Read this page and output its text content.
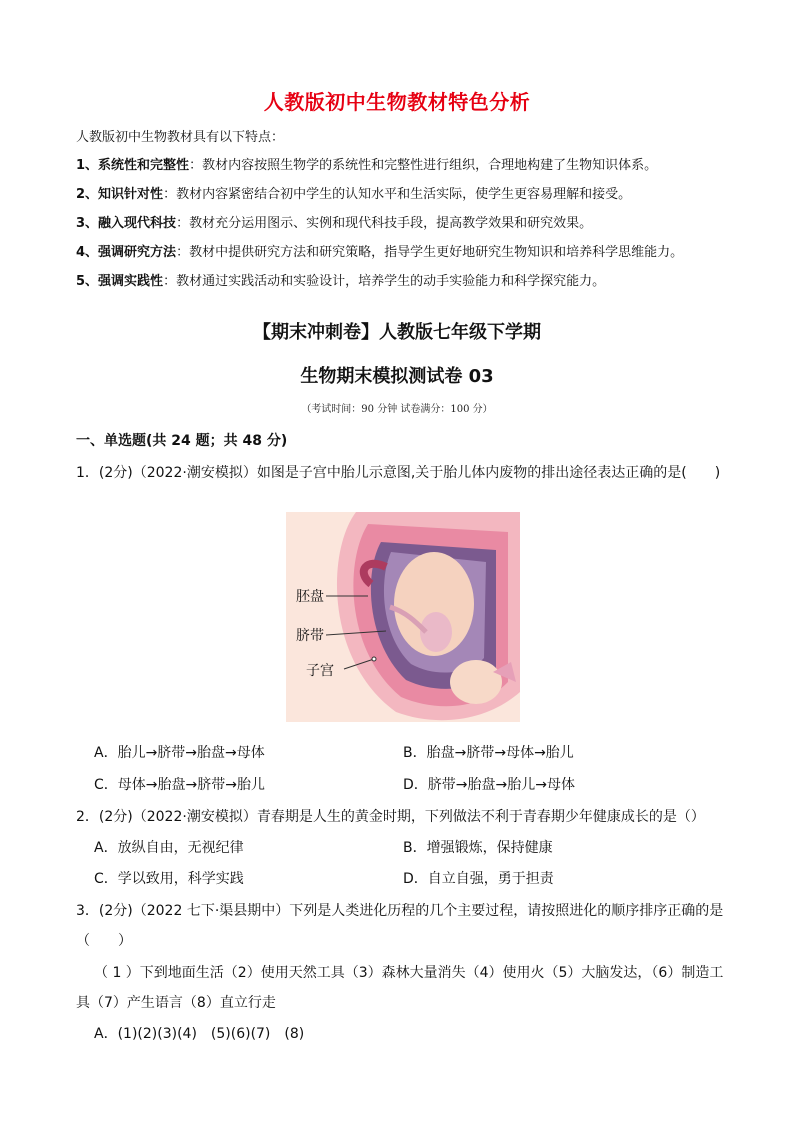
人教版初中生物教材特色分析
人教版初中生物教材具有以下特点：
1、系统性和完整性：教材内容按照生物学的系统性和完整性进行组织，合理地构建了生物知识体系。
2、知识针对性：教材内容紧密结合初中学生的认知水平和生活实际，使学生更容易理解和接受。
3、融入现代科技：教材充分运用图示、实例和现代科技手段，提高教学效果和研究效果。
4、强调研究方法：教材中提供研究方法和研究策略，指导学生更好地研究生物知识和培养科学思维能力。
5、强调实践性：教材通过实践活动和实验设计，培养学生的动手实验能力和科学探究能力。
【期末冲刺卷】人教版七年级下学期
生物期末模拟测试卷 03
（考试时间：90 分钟 试卷满分：100 分）
一、单选题(共 24 题；共 48 分)
1．(2分)（2022·潮安模拟）如图是子宫中胎儿示意图,关于胎儿体内废物的排出途径表达正确的是(　　)
胚盘
脐带
子宫
A．胎儿→脐带→胎盘→母体	B．胎盘→脐带→母体→胎儿
C．母体→胎盘→脐带→胎儿	D．脐带→胎盘→胎儿→母体
2．(2分)（2022·潮安模拟）青春期是人生的黄金时期，下列做法不利于青春期少年健康成长的是（）
A．放纵自由，无视纪律	B．增强锻炼，保持健康
C．学以致用，科学实践	D．自立自强，勇于担责
3．(2分)（2022 七下·渠县期中）下列是人类进化历程的几个主要过程，请按照进化的顺序排序正确的是
（　　）
（ 1 ）下到地面生活（2）使用天然工具（3）森林大量消失（4）使用火（5）大脑发达，（6）制造工
具（7）产生语言（8）直立行走
A．(1)(2)(3)(4)　(5)(6)(7)　(8)
